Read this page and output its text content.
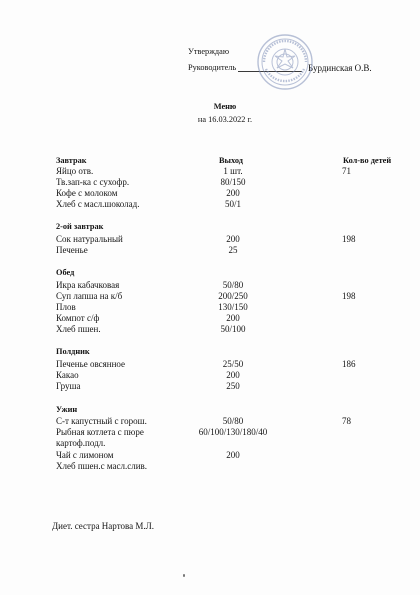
Утверждаю
Руководитель	Бурдинская О.В.
Меню
на 16.03.2022 г.
Завтрак	Выход	Кол-во детей
Яйцо отв.	1 шт.	71
Тв.зап-ка с сухофр.	80/150
Кофе с молоком	200
Хлеб с масл.шоколад.	50/1
2-ой завтрак
Сок натуральный	200	198
Печенье	25
Обед
Икра кабачковая	50/80
Суп лапша на к/б	200/250	198
Плов	130/150
Компот с/ф	200
Хлеб пшен.	50/100
Полдник
Печенье овсянное	25/50	186
Какао	200
Груша	250
Ужин
С-т капустный с горош.	50/80	78
Рыбная котлета с пюре	60/100/130/180/40
картоф.подл.
Чай с лимоном	200
Хлеб пшен.с масл.слив.
Диет. сестра Нартова М.Л.
